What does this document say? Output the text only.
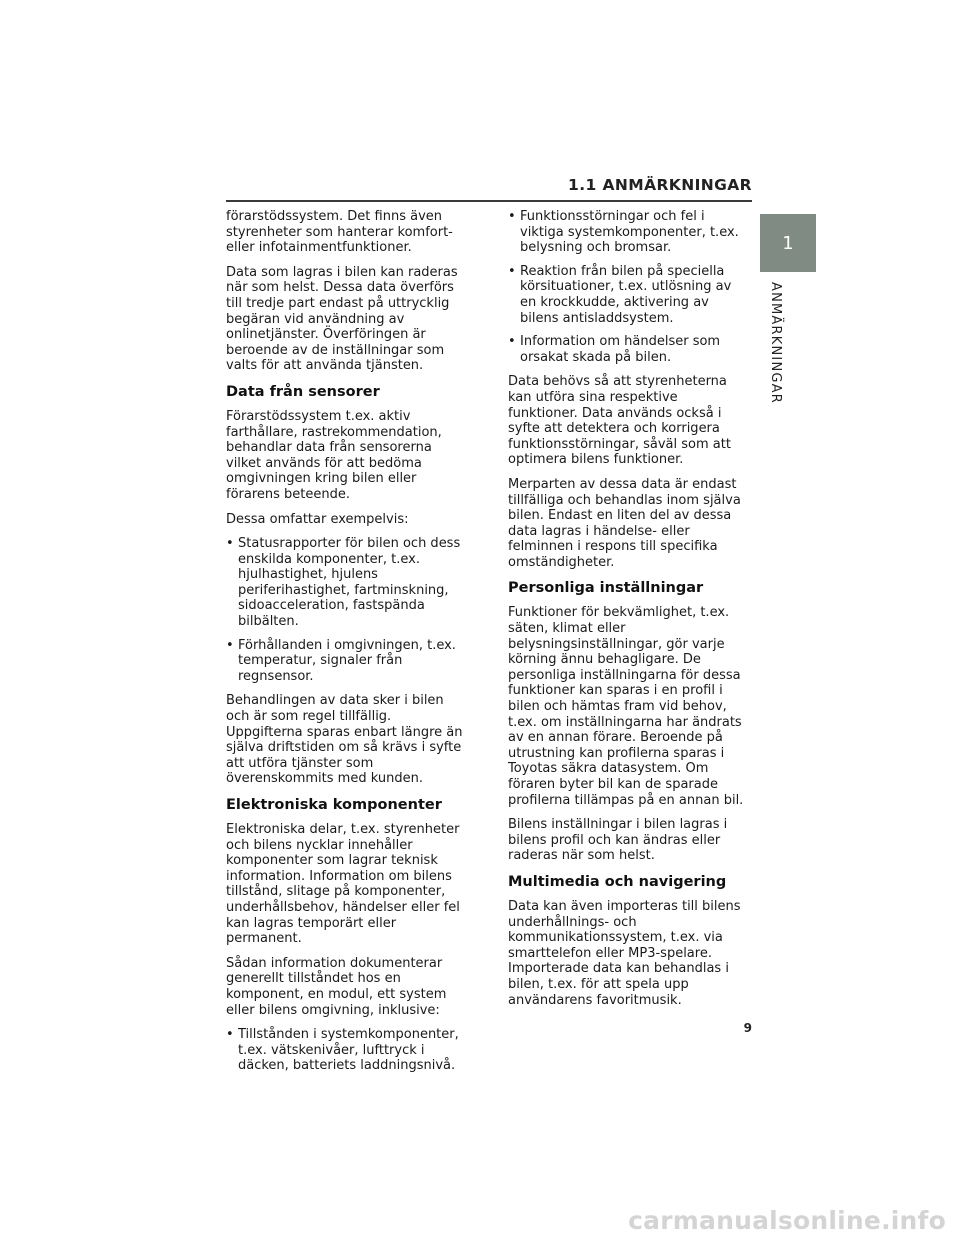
1.1 ANMÄRKNINGAR
1
ANMÄRKNINGAR

förarstödssystem. Det finns även styrenheter som hanterar komfort- eller infotainmentfunktioner.

Data som lagras i bilen kan raderas när som helst. Dessa data överförs till tredje part endast på uttrycklig begäran vid användning av onlinetjänster. Överföringen är beroende av de inställningar som valts för att använda tjänsten.

Data från sensorer

Förarstödssystem t.ex. aktiv farthållare, rastrekommendation, behandlar data från sensorerna vilket används för att bedöma omgivningen kring bilen eller förarens beteende.

Dessa omfattar exempelvis:

• Statusrapporter för bilen och dess enskilda komponenter, t.ex. hjulhastighet, hjulens periferihastighet, fartminskning, sidoacceleration, fastspända bilbälten.
• Förhållanden i omgivningen, t.ex. temperatur, signaler från regnsensor.

Behandlingen av data sker i bilen och är som regel tillfällig. Uppgifterna sparas enbart längre än själva driftstiden om så krävs i syfte att utföra tjänster som överenskommits med kunden.

Elektroniska komponenter

Elektroniska delar, t.ex. styrenheter och bilens nycklar innehåller komponenter som lagrar teknisk information. Information om bilens tillstånd, slitage på komponenter, underhållsbehov, händelser eller fel kan lagras temporärt eller permanent.

Sådan information dokumenterar generellt tillståndet hos en komponent, en modul, ett system eller bilens omgivning, inklusive:

• Tillstånden i systemkomponenter, t.ex. vätskenivåer, lufttryck i däcken, batteriets laddningsnivå.
• Funktionsstörningar och fel i viktiga systemkomponenter, t.ex. belysning och bromsar.
• Reaktion från bilen på speciella körsituationer, t.ex. utlösning av en krockkudde, aktivering av bilens antisladdsystem.
• Information om händelser som orsakat skada på bilen.

Data behövs så att styrenheterna kan utföra sina respektive funktioner. Data används också i syfte att detektera och korrigera funktionsstörningar, såväl som att optimera bilens funktioner.

Merparten av dessa data är endast tillfälliga och behandlas inom själva bilen. Endast en liten del av dessa data lagras i händelse- eller felminnen i respons till specifika omständigheter.

Personliga inställningar

Funktioner för bekvämlighet, t.ex. säten, klimat eller belysningsinställningar, gör varje körning ännu behagligare. De personliga inställningarna för dessa funktioner kan sparas i en profil i bilen och hämtas fram vid behov, t.ex. om inställningarna har ändrats av en annan förare. Beroende på utrustning kan profilerna sparas i Toyotas säkra datasystem. Om föraren byter bil kan de sparade profilerna tillämpas på en annan bil.

Bilens inställningar i bilen lagras i bilens profil och kan ändras eller raderas när som helst.

Multimedia och navigering

Data kan även importeras till bilens underhållnings- och kommunikationssystem, t.ex. via smarttelefon eller MP3-spelare. Importerade data kan behandlas i bilen, t.ex. för att spela upp användarens favoritmusik.

9
carmanualsonline.info
